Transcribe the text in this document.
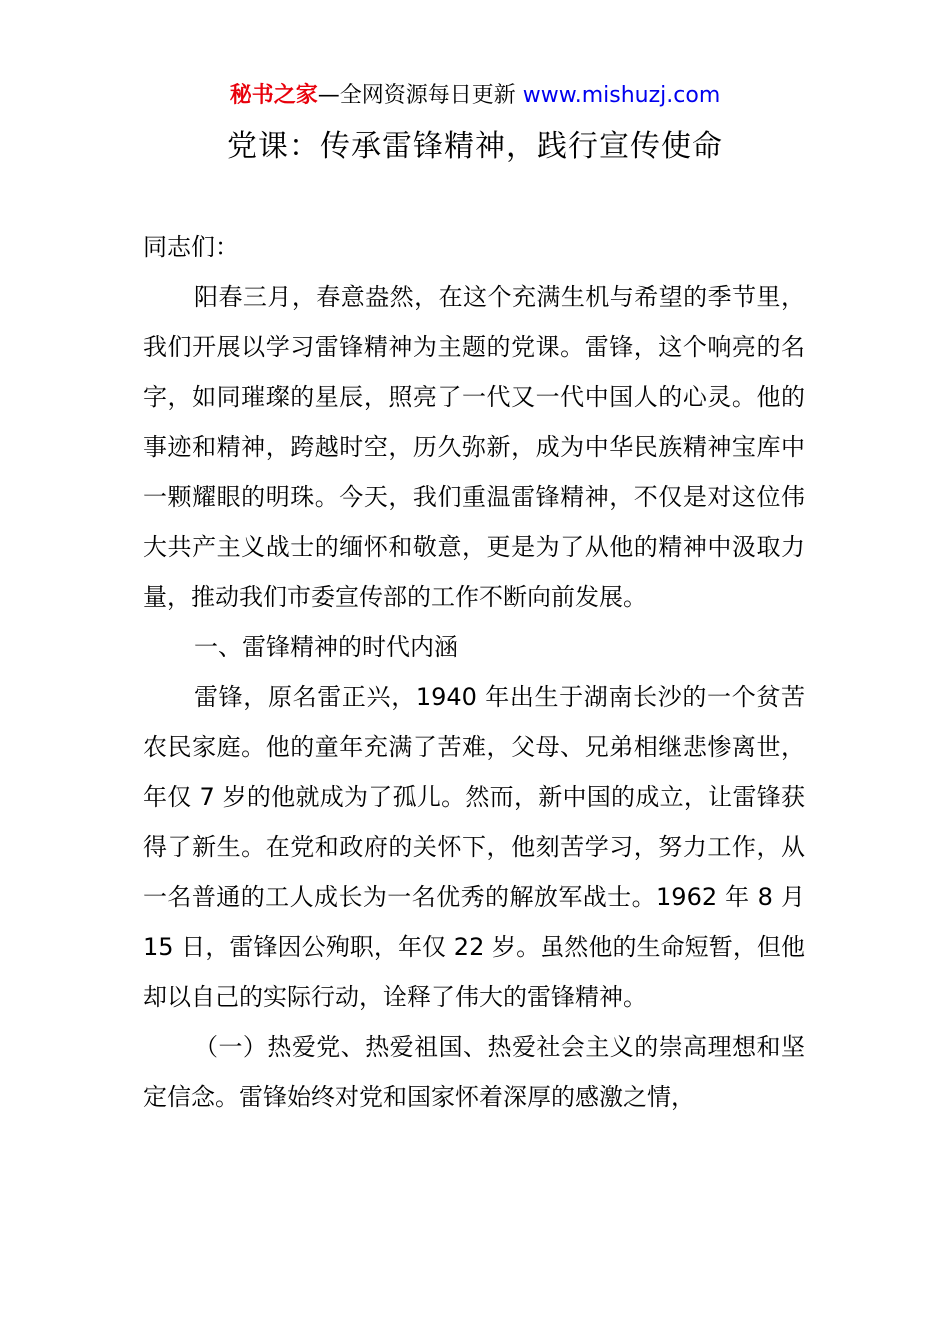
秘书之家—全网资源每日更新 www.mishuzj.com
党课：传承雷锋精神，践行宣传使命

同志们：

阳春三月，春意盎然，在这个充满生机与希望的季节里，我们开展以学习雷锋精神为主题的党课。雷锋，这个响亮的名字，如同璀璨的星辰，照亮了一代又一代中国人的心灵。他的事迹和精神，跨越时空，历久弥新，成为中华民族精神宝库中一颗耀眼的明珠。今天，我们重温雷锋精神，不仅是对这位伟大共产主义战士的缅怀和敬意，更是为了从他的精神中汲取力量，推动我们市委宣传部的工作不断向前发展。

一、雷锋精神的时代内涵

雷锋，原名雷正兴，1940 年出生于湖南长沙的一个贫苦农民家庭。他的童年充满了苦难，父母、兄弟相继悲惨离世，年仅 7 岁的他就成为了孤儿。然而，新中国的成立，让雷锋获得了新生。在党和政府的关怀下，他刻苦学习，努力工作，从一名普通的工人成长为一名优秀的解放军战士。1962 年 8 月 15 日，雷锋因公殉职，年仅 22 岁。虽然他的生命短暂，但他却以自己的实际行动，诠释了伟大的雷锋精神。

（一）热爱党、热爱祖国、热爱社会主义的崇高理想和坚定信念。雷锋始终对党和国家怀着深厚的感激之情，
